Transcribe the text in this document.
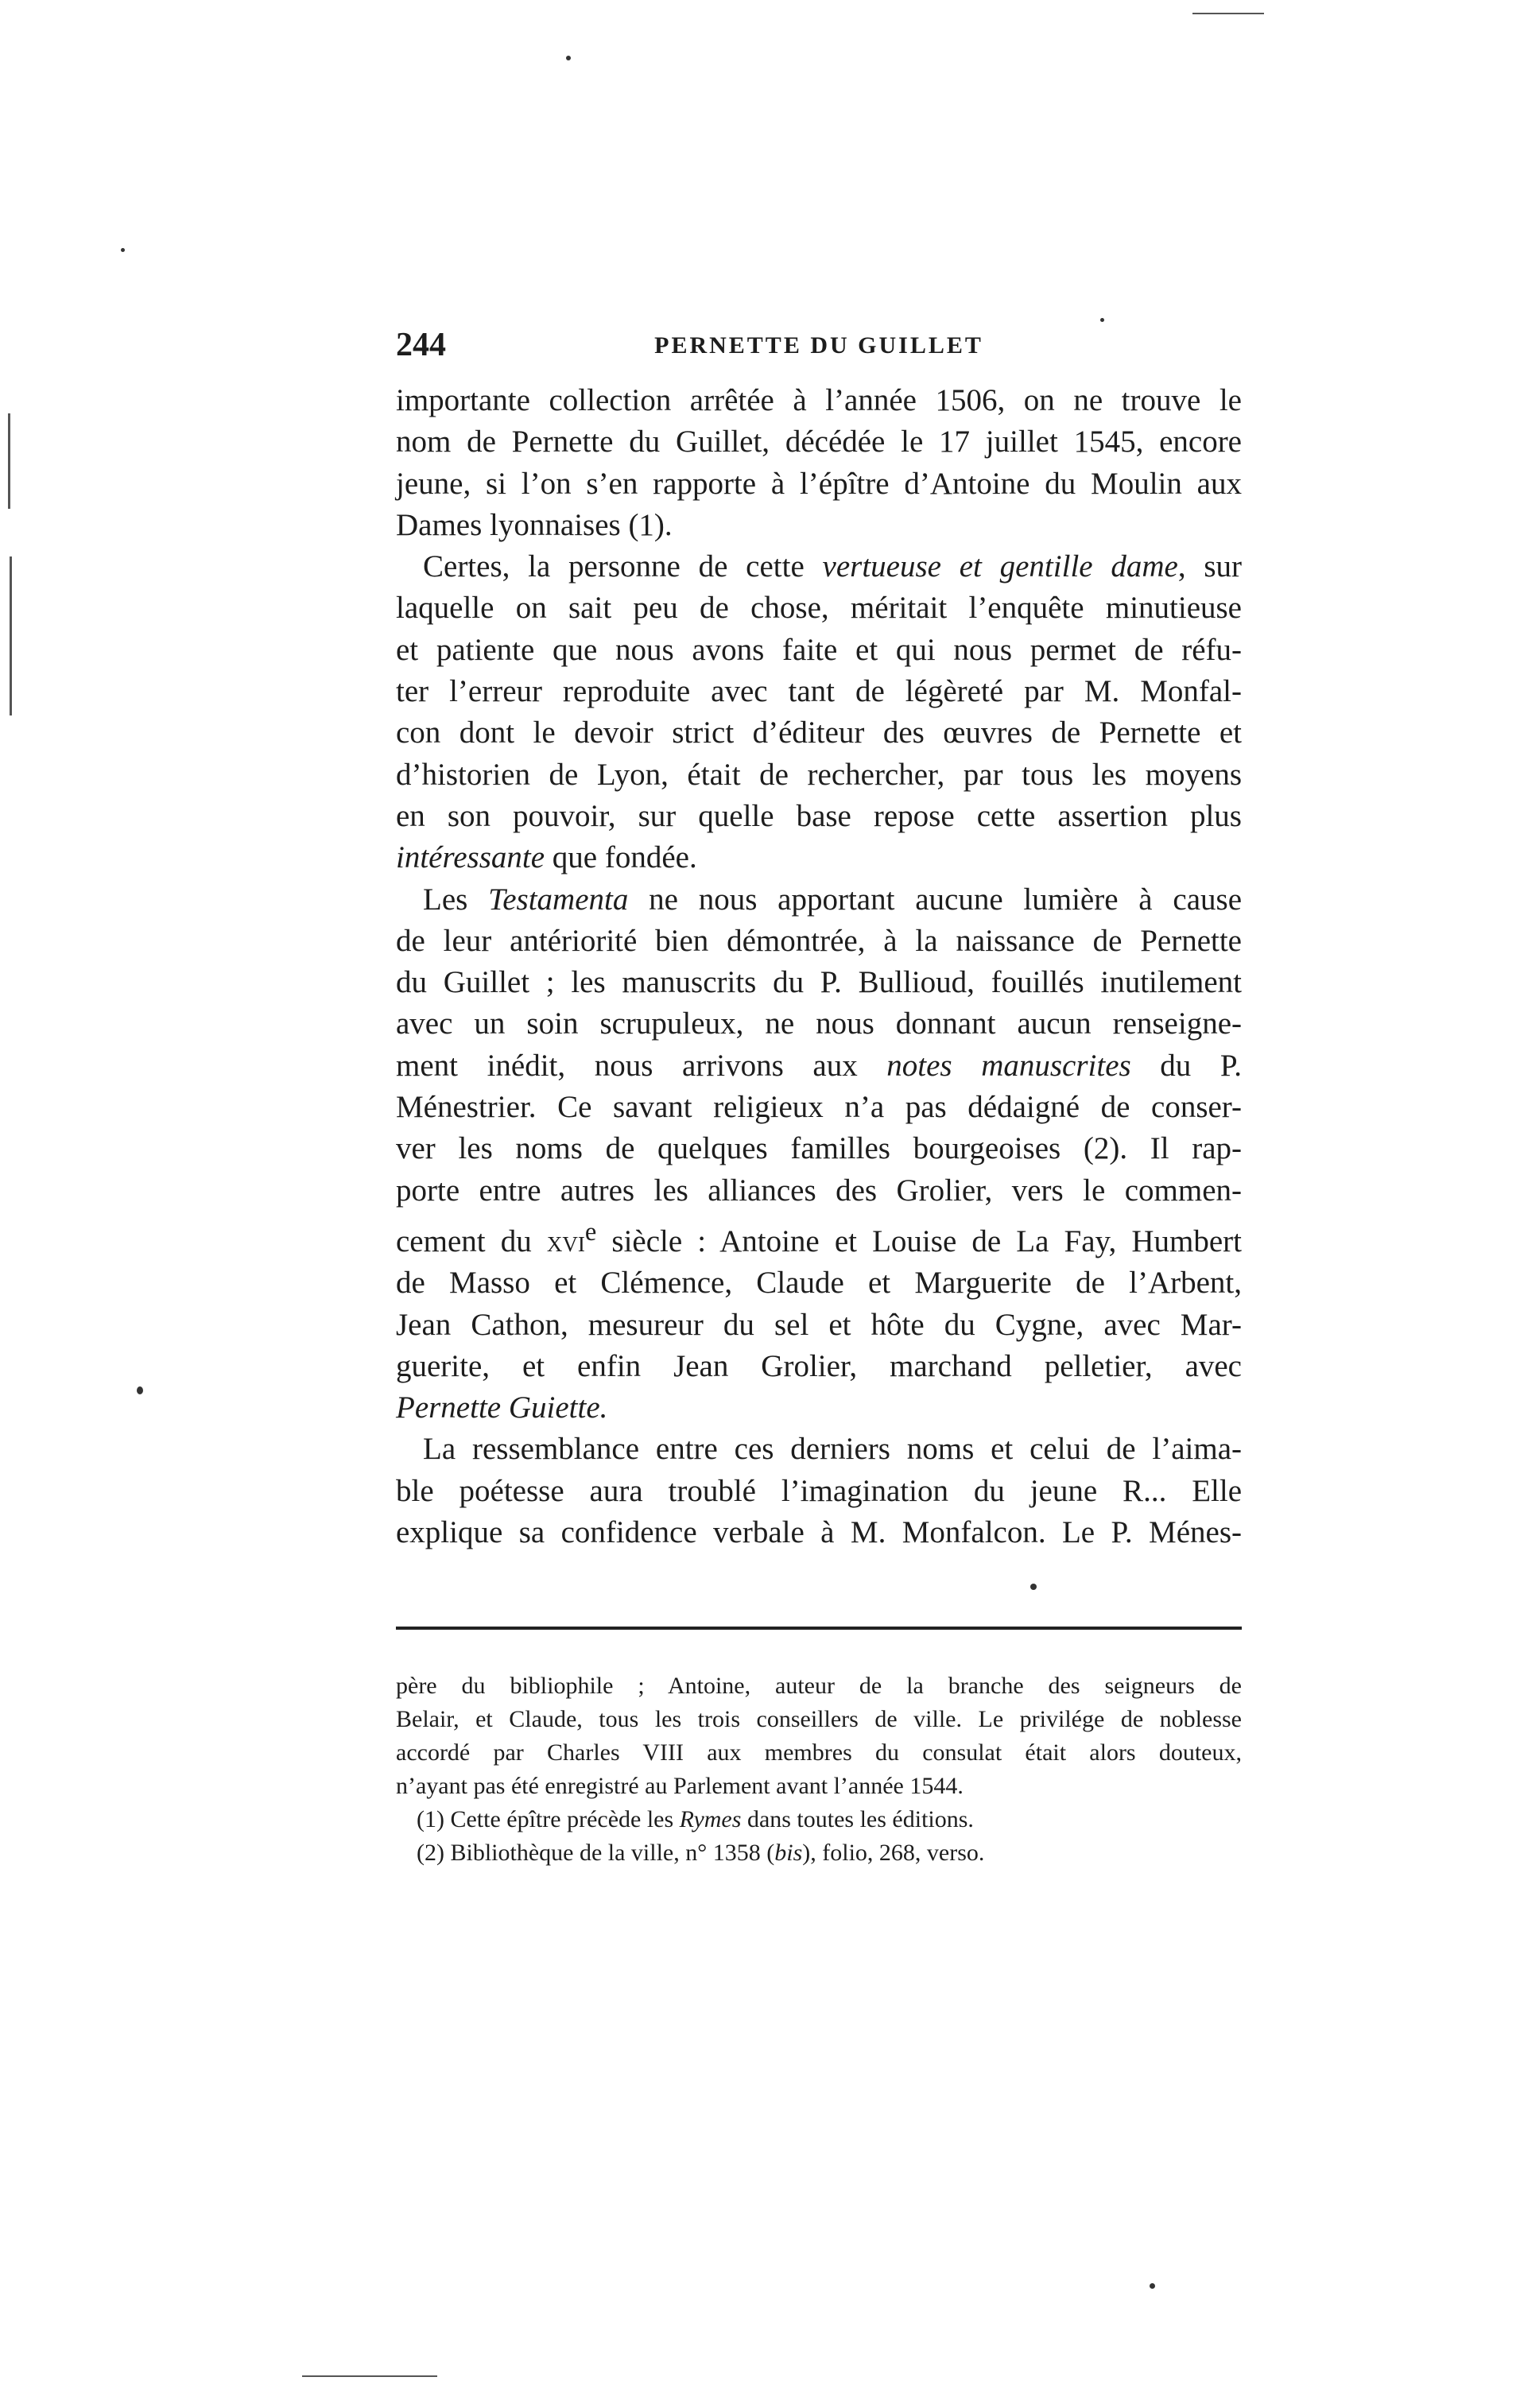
244	PERNETTE DU GUILLET

importante collection arrêtée à l’année 1506, on ne trouve le
nom de Pernette du Guillet, décédée le 17 juillet 1545, encore
jeune, si l’on s’en rapporte à l’épître d’Antoine du Moulin aux
Dames lyonnaises (1).

Certes, la personne de cette vertueuse et gentille dame, sur
laquelle on sait peu de chose, méritait l’enquête minutieuse
et patiente que nous avons faite et qui nous permet de réfu-
ter l’erreur reproduite avec tant de légèreté par M. Monfal-
con dont le devoir strict d’éditeur des œuvres de Pernette et
d’historien de Lyon, était de rechercher, par tous les moyens
en son pouvoir, sur quelle base repose cette assertion plus
intéressante que fondée.

Les Testamenta ne nous apportant aucune lumière à cause
de leur antériorité bien démontrée, à la naissance de Pernette
du Guillet ; les manuscrits du P. Bullioud, fouillés inutilement
avec un soin scrupuleux, ne nous donnant aucun renseigne-
ment inédit, nous arrivons aux notes manuscrites du P.
Ménestrier. Ce savant religieux n’a pas dédaigné de conser-
ver les noms de quelques familles bourgeoises (2). Il rap-
porte entre autres les alliances des Grolier, vers le commen-
cement du xvi$^e$ siècle : Antoine et Louise de La Fay, Humbert
de Masso et Clémence, Claude et Marguerite de l’Arbent,
Jean Cathon, mesureur du sel et hôte du Cygne, avec Mar-
guerite, et enfin Jean Grolier, marchand pelletier, avec
Pernette Guiette.

La ressemblance entre ces derniers noms et celui de l’aima-
ble poétesse aura troublé l’imagination du jeune R... Elle
explique sa confidence verbale à M. Monfalcon. Le P. Ménes-

père du bibliophile ; Antoine, auteur de la branche des seigneurs de
Belair, et Claude, tous les trois conseillers de ville. Le privilége de noblesse
accordé par Charles VIII aux membres du consulat était alors douteux,
n’ayant pas été enregistré au Parlement avant l’année 1544.
(1) Cette épître précède les Rymes dans toutes les éditions.
(2) Bibliothèque de la ville, n° 1358 (bis), folio, 268, verso.
